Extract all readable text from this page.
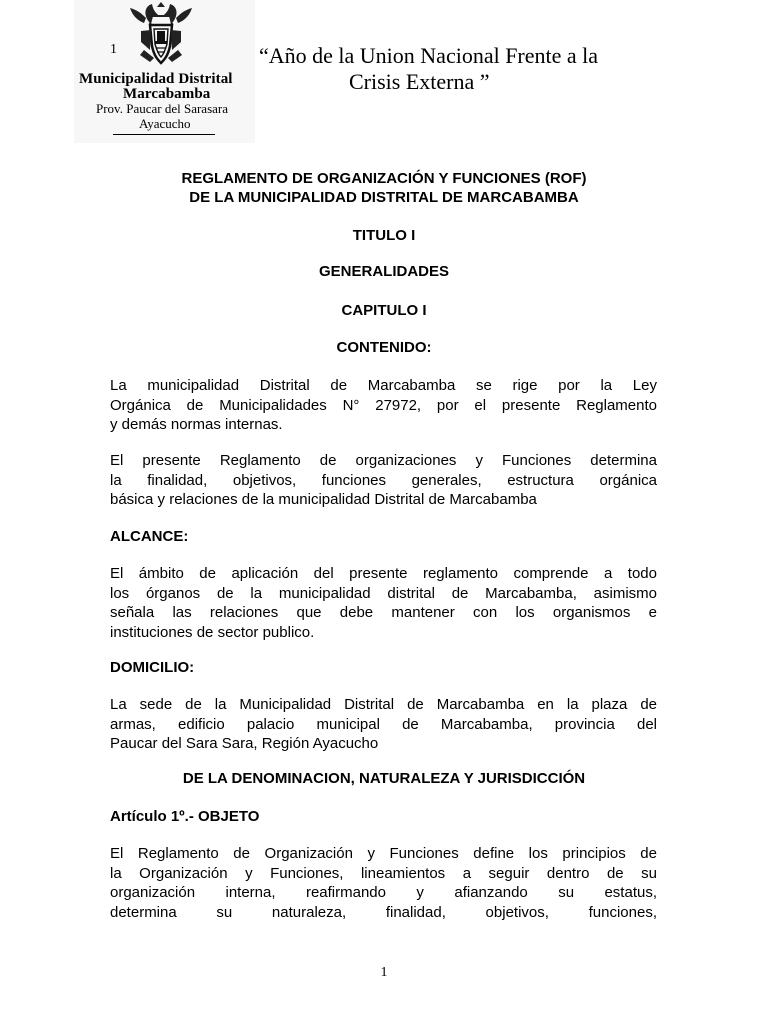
1
M
Municipalidad Distrital
Marcabamba
Prov. Paucar del Sarasara
Ayacucho
“Año de la Union Nacional Frente a la
Crisis Externa ”
REGLAMENTO DE ORGANIZACIÓN Y FUNCIONES (ROF)
DE LA MUNICIPALIDAD DISTRITAL DE MARCABAMBA
TITULO I
GENERALIDADES
CAPITULO I
CONTENIDO:
La municipalidad Distrital de Marcabamba se rige por la Ley
Orgánica de Municipalidades N° 27972, por el presente Reglamento
y demás normas internas.
El presente Reglamento de organizaciones y Funciones determina
la finalidad, objetivos, funciones generales, estructura orgánica
básica y relaciones de la municipalidad Distrital de Marcabamba
ALCANCE:
El ámbito de aplicación del presente reglamento comprende a todo
los órganos de la municipalidad distrital de Marcabamba, asimismo
señala las relaciones que debe mantener con los organismos e
instituciones de sector publico.
DOMICILIO:
La sede de la Municipalidad Distrital de Marcabamba en la plaza de
armas, edificio palacio municipal de Marcabamba, provincia del
Paucar del Sara Sara, Región Ayacucho
DE LA DENOMINACION, NATURALEZA Y JURISDICCIÓN
Artículo 1º.- OBJETO
El Reglamento de Organización y Funciones define los principios de
la Organización y Funciones, lineamientos a seguir dentro de su
organización interna, reafirmando y afianzando su estatus,
determina su naturaleza, finalidad, objetivos, funciones,
1
